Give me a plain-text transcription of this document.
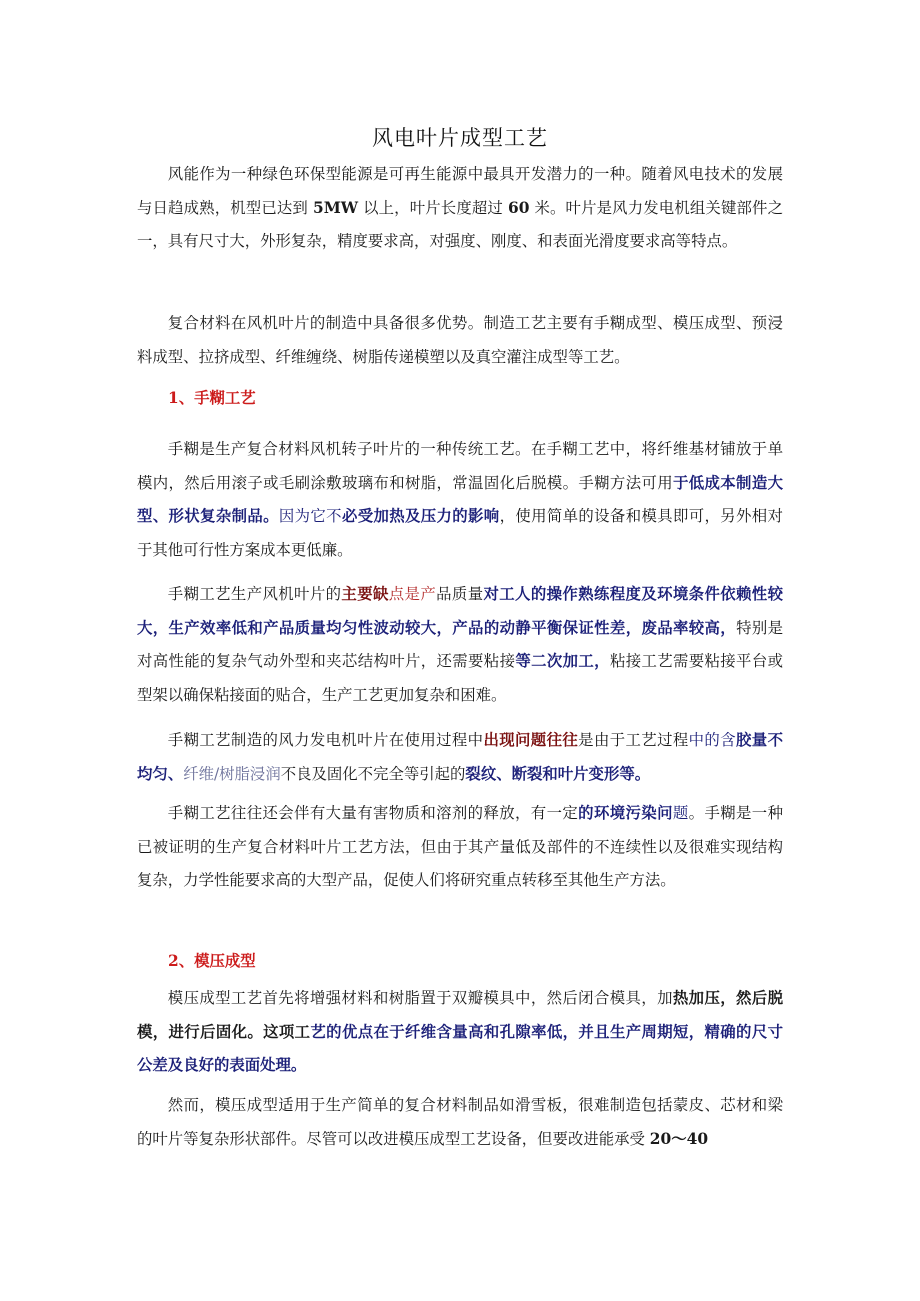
风电叶片成型工艺
风能作为一种绿色环保型能源是可再生能源中最具开发潜力的一种。随着风电技术的发展与日趋成熟，机型已达到 5MW 以上，叶片长度超过 60 米。叶片是风力发电机组关键部件之一，具有尺寸大，外形复杂，精度要求高，对强度、刚度、和表面光滑度要求高等特点。
复合材料在风机叶片的制造中具备很多优势。制造工艺主要有手糊成型、模压成型、预浸料成型、拉挤成型、纤维缠绕、树脂传递模塑以及真空灌注成型等工艺。
1、手糊工艺
手糊是生产复合材料风机转子叶片的一种传统工艺。在手糊工艺中，将纤维基材铺放于单模内，然后用滚子或毛刷涂敷玻璃布和树脂，常温固化后脱模。手糊方法可用于低成本制造大型、形状复杂制品。因为它不必受加热及压力的影响，使用简单的设备和模具即可，另外相对于其他可行性方案成本更低廉。
手糊工艺生产风机叶片的主要缺点是产品质量对工人的操作熟练程度及环境条件依赖性较大，生产效率低和产品质量均匀性波动较大，产品的动静平衡保证性差，废品率较高，特别是对高性能的复杂气动外型和夹芯结构叶片，还需要粘接等二次加工，粘接工艺需要粘接平台或型架以确保粘接面的贴合，生产工艺更加复杂和困难。
手糊工艺制造的风力发电机叶片在使用过程中出现问题往往是由于工艺过程中的含胶量不均匀、纤维/树脂浸润不良及固化不完全等引起的裂纹、断裂和叶片变形等。
手糊工艺往往还会伴有大量有害物质和溶剂的释放，有一定的环境污染问题。手糊是一种已被证明的生产复合材料叶片工艺方法，但由于其产量低及部件的不连续性以及很难实现结构复杂，力学性能要求高的大型产品，促使人们将研究重点转移至其他生产方法。
2、模压成型
模压成型工艺首先将增强材料和树脂置于双瓣模具中，然后闭合模具，加热加压，然后脱模，进行后固化。这项工艺的优点在于纤维含量高和孔隙率低，并且生产周期短，精确的尺寸公差及良好的表面处理。
然而，模压成型适用于生产简单的复合材料制品如滑雪板，很难制造包括蒙皮、芯材和梁的叶片等复杂形状部件。尽管可以改进模压成型工艺设备，但要改进能承受 20～40
